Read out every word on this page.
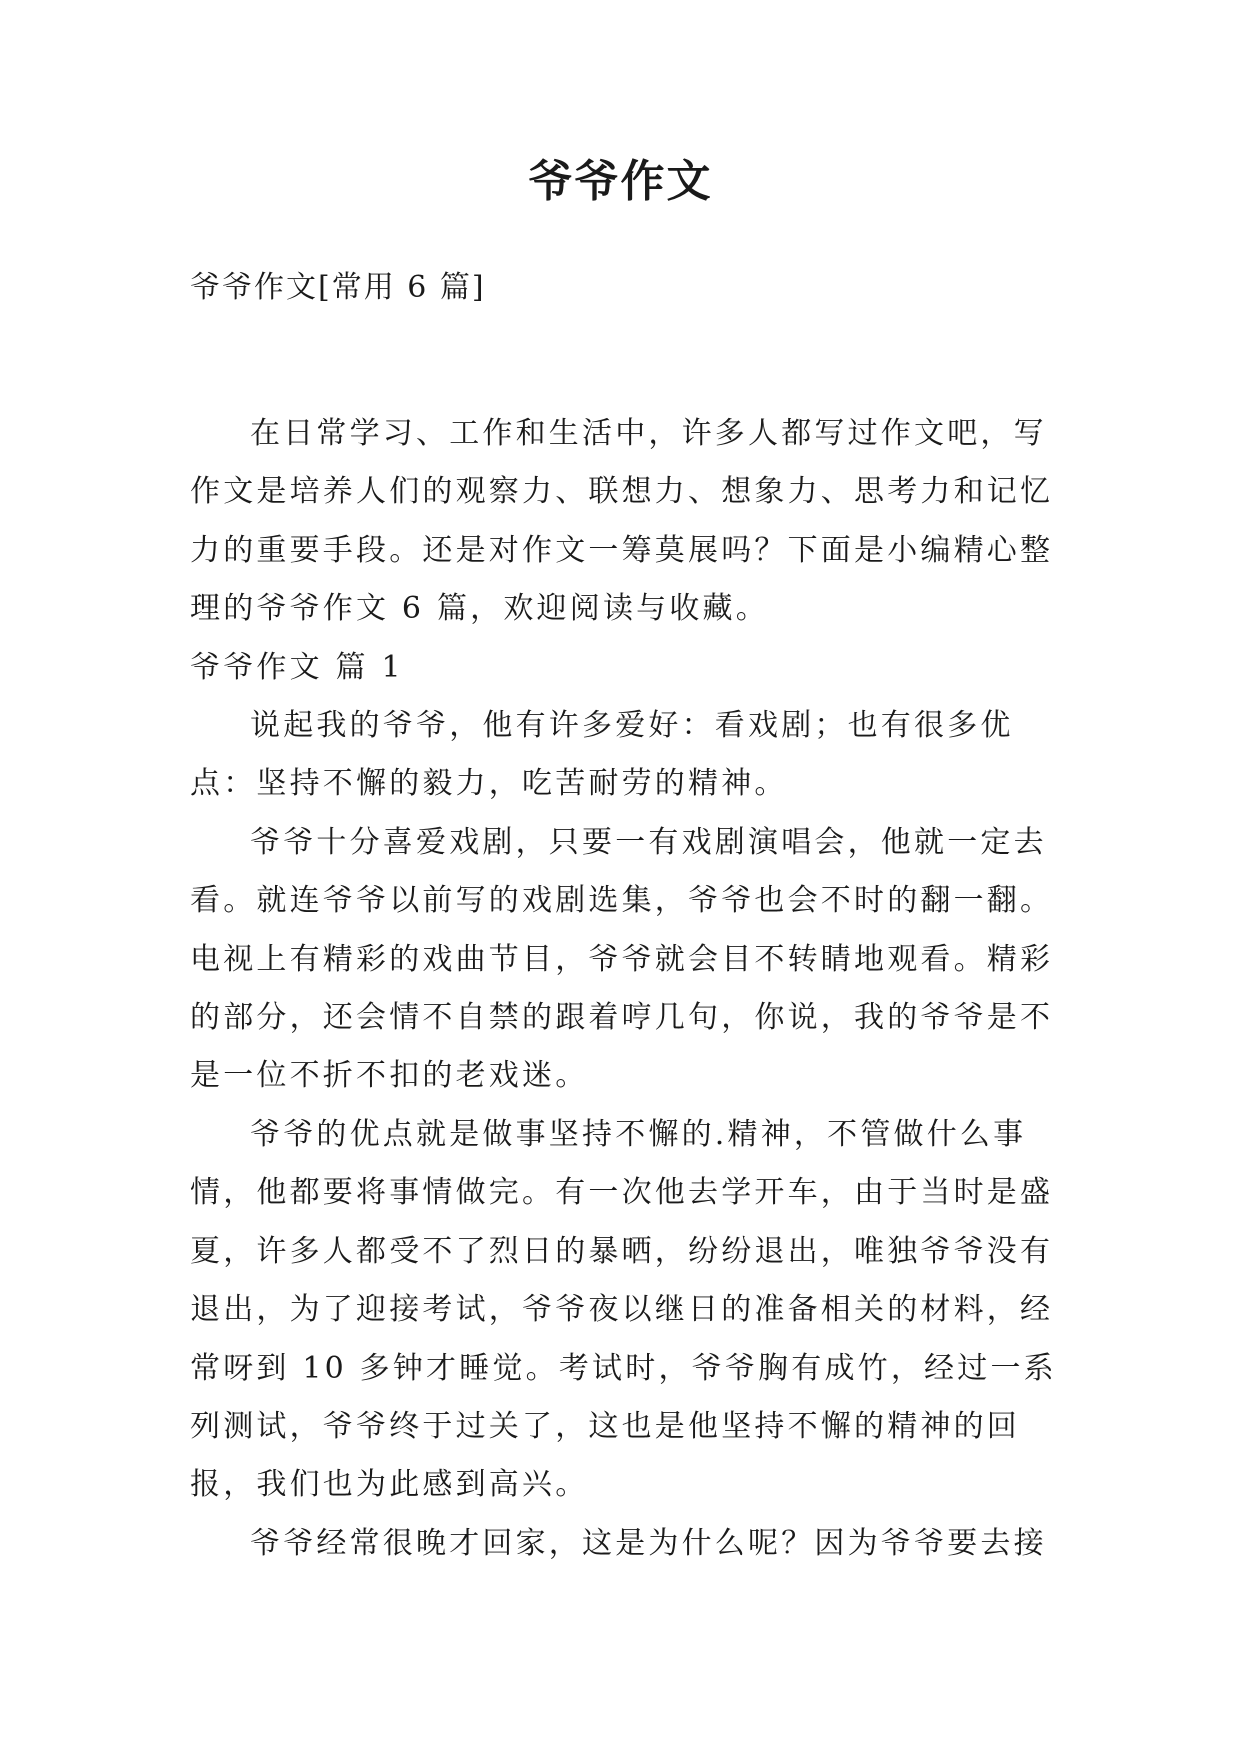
爷爷作文
爷爷作文[常用 6 篇]

在日常学习、工作和生活中，许多人都写过作文吧，写作文是培养人们的观察力、联想力、想象力、思考力和记忆力的重要手段。还是对作文一筹莫展吗？下面是小编精心整理的爷爷作文 6 篇，欢迎阅读与收藏。

爷爷作文 篇 1

说起我的爷爷，他有许多爱好：看戏剧；也有很多优点：坚持不懈的毅力，吃苦耐劳的精神。

爷爷十分喜爱戏剧，只要一有戏剧演唱会，他就一定去看。就连爷爷以前写的戏剧选集，爷爷也会不时的翻一翻。电视上有精彩的戏曲节目，爷爷就会目不转睛地观看。精彩的部分，还会情不自禁的跟着哼几句，你说，我的爷爷是不是一位不折不扣的老戏迷。

爷爷的优点就是做事坚持不懈的.精神，不管做什么事情，他都要将事情做完。有一次他去学开车，由于当时是盛夏，许多人都受不了烈日的暴晒，纷纷退出，唯独爷爷没有退出，为了迎接考试，爷爷夜以继日的准备相关的材料，经常呀到 10 多钟才睡觉。考试时，爷爷胸有成竹，经过一系列测试，爷爷终于过关了，这也是他坚持不懈的精神的回报，我们也为此感到高兴。

爷爷经常很晚才回家，这是为什么呢？因为爷爷要去接
